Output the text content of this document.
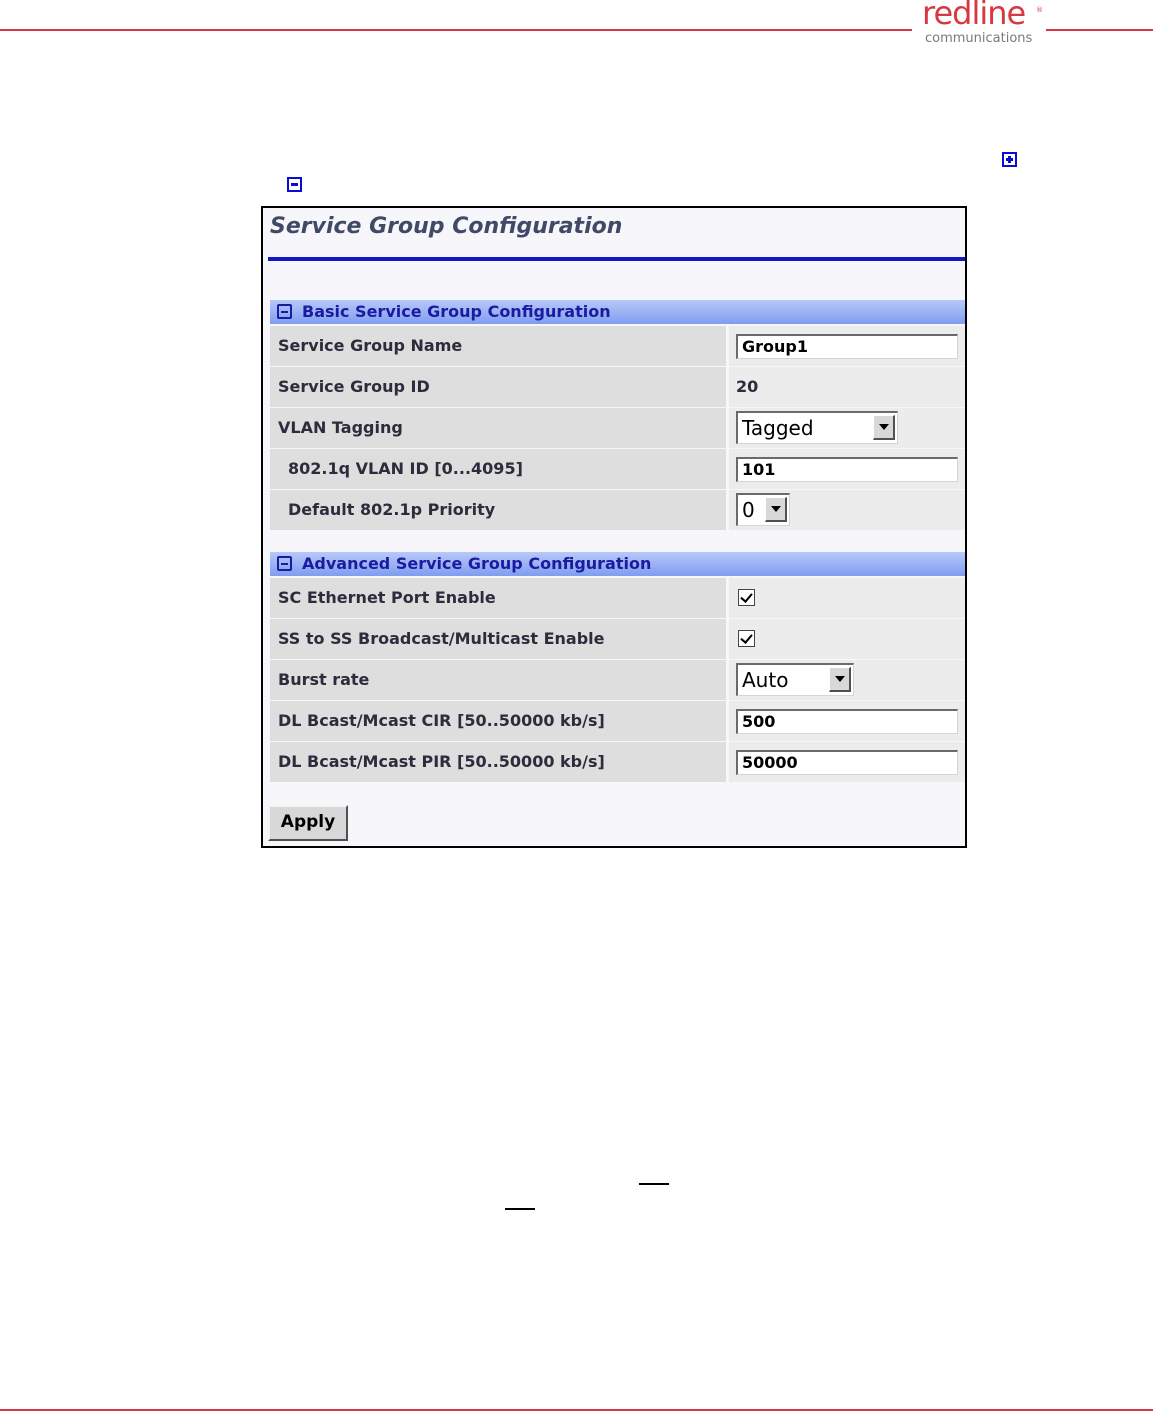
redline ®
communications
Service Group Configuration
Basic Service Group Configuration
Service Group Name	Group1
Service Group ID	20
VLAN Tagging	Tagged
802.1q VLAN ID [0...4095]	101
Default 802.1p Priority	0
Advanced Service Group Configuration
SC Ethernet Port Enable
SS to SS Broadcast/Multicast Enable
Burst rate	Auto
DL Bcast/Mcast CIR [50..50000 kb/s]	500
DL Bcast/Mcast PIR [50..50000 kb/s]	50000
Apply
